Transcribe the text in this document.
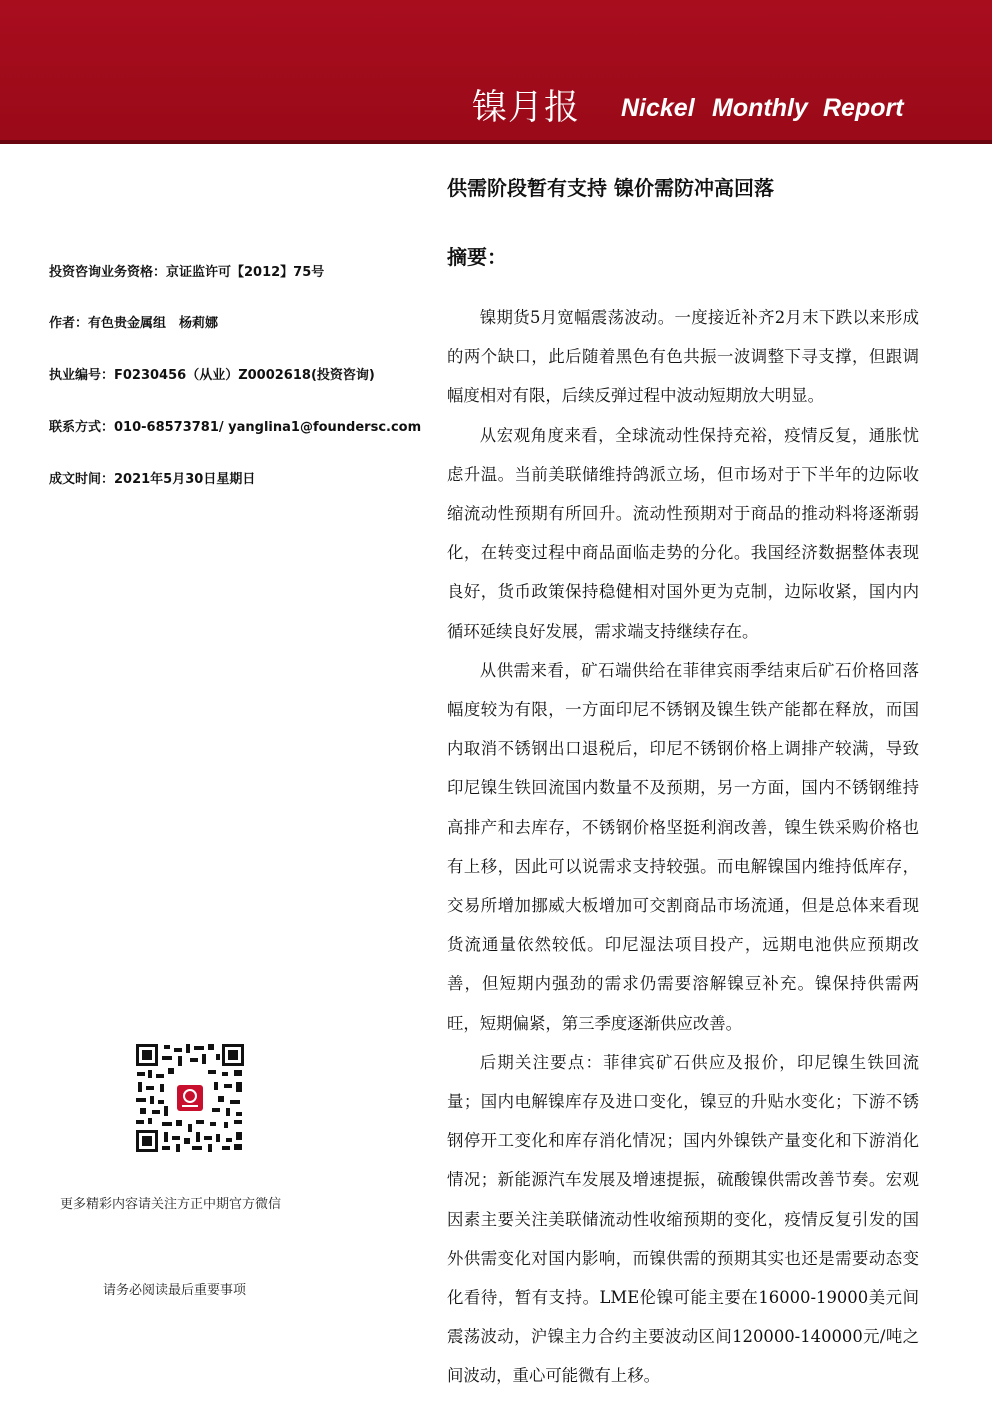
镍月报 Nickel Monthly Report
供需阶段暂有支持 镍价需防冲高回落
摘要：
投资咨询业务资格：京证监许可【2012】75号
作者：有色贵金属组　杨莉娜
执业编号：F0230456（从业）Z0002618(投资咨询)
联系方式：010-68573781/ yanglina1@foundersc.com
成文时间：2021年5月30日星期日

镍期货5月宽幅震荡波动。一度接近补齐2月末下跌以来形成的两个缺口，此后随着黑色有色共振一波调整下寻支撑，但跟调幅度相对有限，后续反弹过程中波动短期放大明显。

从宏观角度来看，全球流动性保持充裕，疫情反复，通胀忧虑升温。当前美联储维持鸽派立场，但市场对于下半年的边际收缩流动性预期有所回升。流动性预期对于商品的推动料将逐渐弱化，在转变过程中商品面临走势的分化。我国经济数据整体表现良好，货币政策保持稳健相对国外更为克制，边际收紧，国内内循环延续良好发展，需求端支持继续存在。

从供需来看，矿石端供给在菲律宾雨季结束后矿石价格回落幅度较为有限，一方面印尼不锈钢及镍生铁产能都在释放，而国内取消不锈钢出口退税后，印尼不锈钢价格上调排产较满，导致印尼镍生铁回流国内数量不及预期，另一方面，国内不锈钢维持高排产和去库存，不锈钢价格坚挺利润改善，镍生铁采购价格也有上移，因此可以说需求支持较强。而电解镍国内维持低库存，交易所增加挪威大板增加可交割商品市场流通，但是总体来看现货流通量依然较低。印尼湿法项目投产，远期电池供应预期改善，但短期内强劲的需求仍需要溶解镍豆补充。镍保持供需两旺，短期偏紧，第三季度逐渐供应改善。

后期关注要点：菲律宾矿石供应及报价，印尼镍生铁回流量；国内电解镍库存及进口变化，镍豆的升贴水变化；下游不锈钢停开工变化和库存消化情况；国内外镍铁产量变化和下游消化情况；新能源汽车发展及增速提振，硫酸镍供需改善节奏。宏观因素主要关注美联储流动性收缩预期的变化，疫情反复引发的国外供需变化对国内影响，而镍供需的预期其实也还是需要动态变化看待，暂有支持。LME伦镍可能主要在16000-19000美元间震荡波动，沪镍主力合约主要波动区间120000-140000元/吨之间波动，重心可能微有上移。

更多精彩内容请关注方正中期官方微信
请务必阅读最后重要事项
